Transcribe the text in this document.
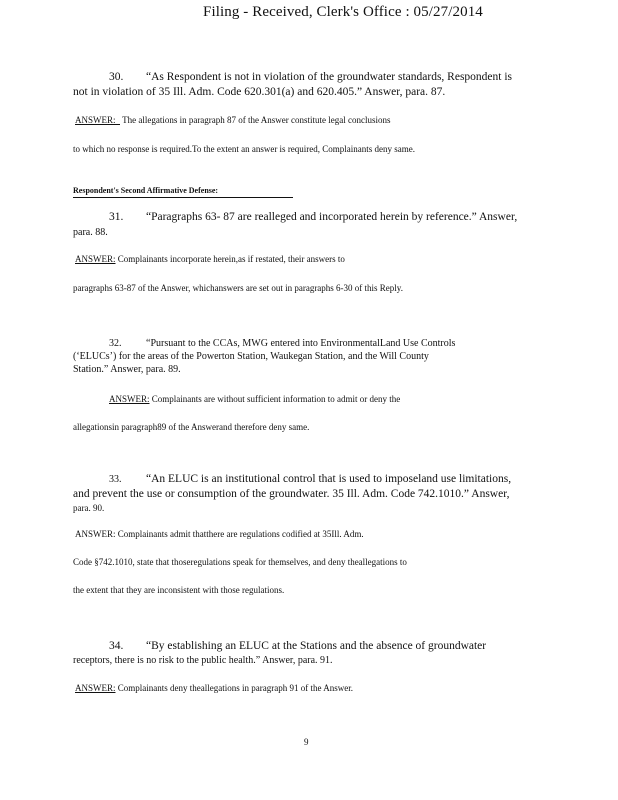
Filing - Received, Clerk's Office : 05/27/2014
30. “As Respondent is not in violation of the groundwater standards, Respondent is
not in violation of 35 Ill. Adm. Code 620.301(a) and 620.405.” Answer, para. 87.
ANSWER:   The allegations in paragraph 87 of the Answer constitute legal conclusions
to which no response is required.To the extent an answer is required, Complainants deny same.
Respondent's Second Affirmative Defense:
31. “Paragraphs 63- 87 are realleged and incorporated herein by reference.” Answer,
para. 88.
ANSWER: Complainants incorporate herein,as if restated, their answers to
paragraphs 63-87 of the Answer, whichanswers are set out in paragraphs 6-30 of this Reply.
32. “Pursuant to the CCAs, MWG entered into EnvironmentalLand Use Controls
(‘ELUCs’) for the areas of the Powerton Station, Waukegan Station, and the Will County
Station.” Answer, para. 89.
ANSWER: Complainants are without sufficient information to admit or deny the
allegationsin paragraph89 of the Answerand therefore deny same.
33. “An ELUC is an institutional control that is used to imposeland use limitations,
and prevent the use or consumption of the groundwater. 35 Ill. Adm. Code 742.1010.” Answer,
para. 90.
ANSWER: Complainants admit thatthere are regulations codified at 35Ill. Adm.
Code §742.1010, state that thoseregulations speak for themselves, and deny theallegations to
the extent that they are inconsistent with those regulations.
34. “By establishing an ELUC at the Stations and the absence of groundwater
receptors, there is no risk to the public health.” Answer, para. 91.
ANSWER: Complainants deny theallegations in paragraph 91 of the Answer.
9
